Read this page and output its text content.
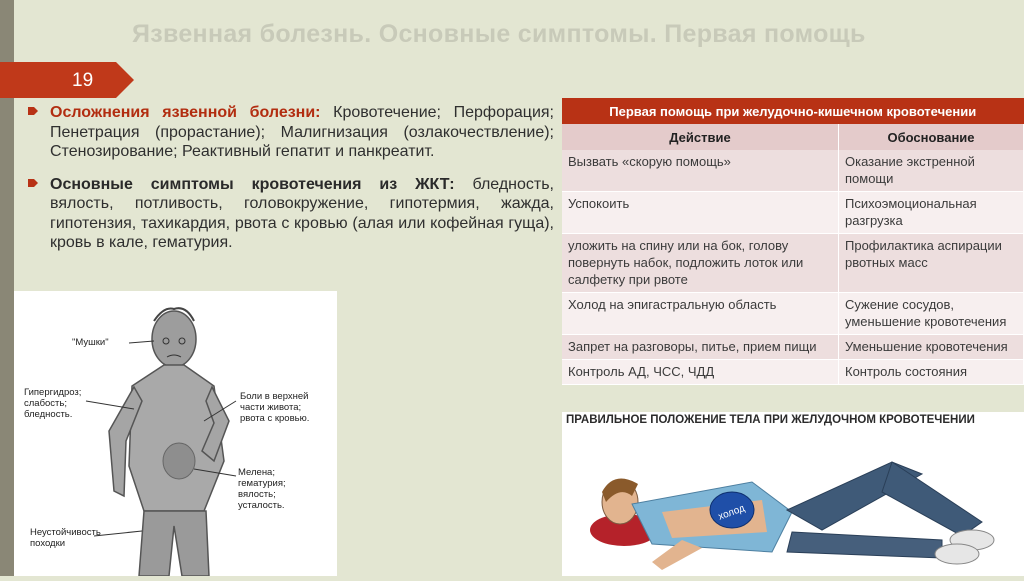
Язвенная болезнь. Основные симптомы. Первая помощь
19
Осложнения язвенной болезни: Кровотечение; Перфорация; Пенетрация (прорастание); Малигнизация (озлакочествление); Стенозирование; Реактивный гепатит и панкреатит.
Основные симптомы кровотечения из ЖКТ: бледность, вялость, потливость, головокружение, гипотермия, жажда, гипотензия, тахикардия, рвота с кровью (алая или кофейная гуща), кровь в кале, гематурия.
"Мушки"
Гипергидроз;
слабость;
бледность.
Боли в верхней
части живота;
рвота с кровью.
Мелена;
гематурия;
вялость;
усталость.
Неустойчивость
походки
Первая помощь при желудочно-кишечном кровотечении	
Действие	Обоснование
Вызвать «скорую помощь»	Оказание экстренной помощи
Успокоить	Психоэмоциональная разгрузка
уложить на спину или на бок, голову повернуть набок, подложить лоток или салфетку при рвоте	Профилактика аспирации рвотных масс
Холод на эпигастральную область	Сужение сосудов, уменьшение кровотечения
Запрет на разговоры, питье, прием пищи	Уменьшение кровотечения
Контроль АД, ЧСС, ЧДД	Контроль состояния
ПРАВИЛЬНОЕ ПОЛОЖЕНИЕ ТЕЛА ПРИ ЖЕЛУДОЧНОМ КРОВОТЕЧЕНИИ
холод
